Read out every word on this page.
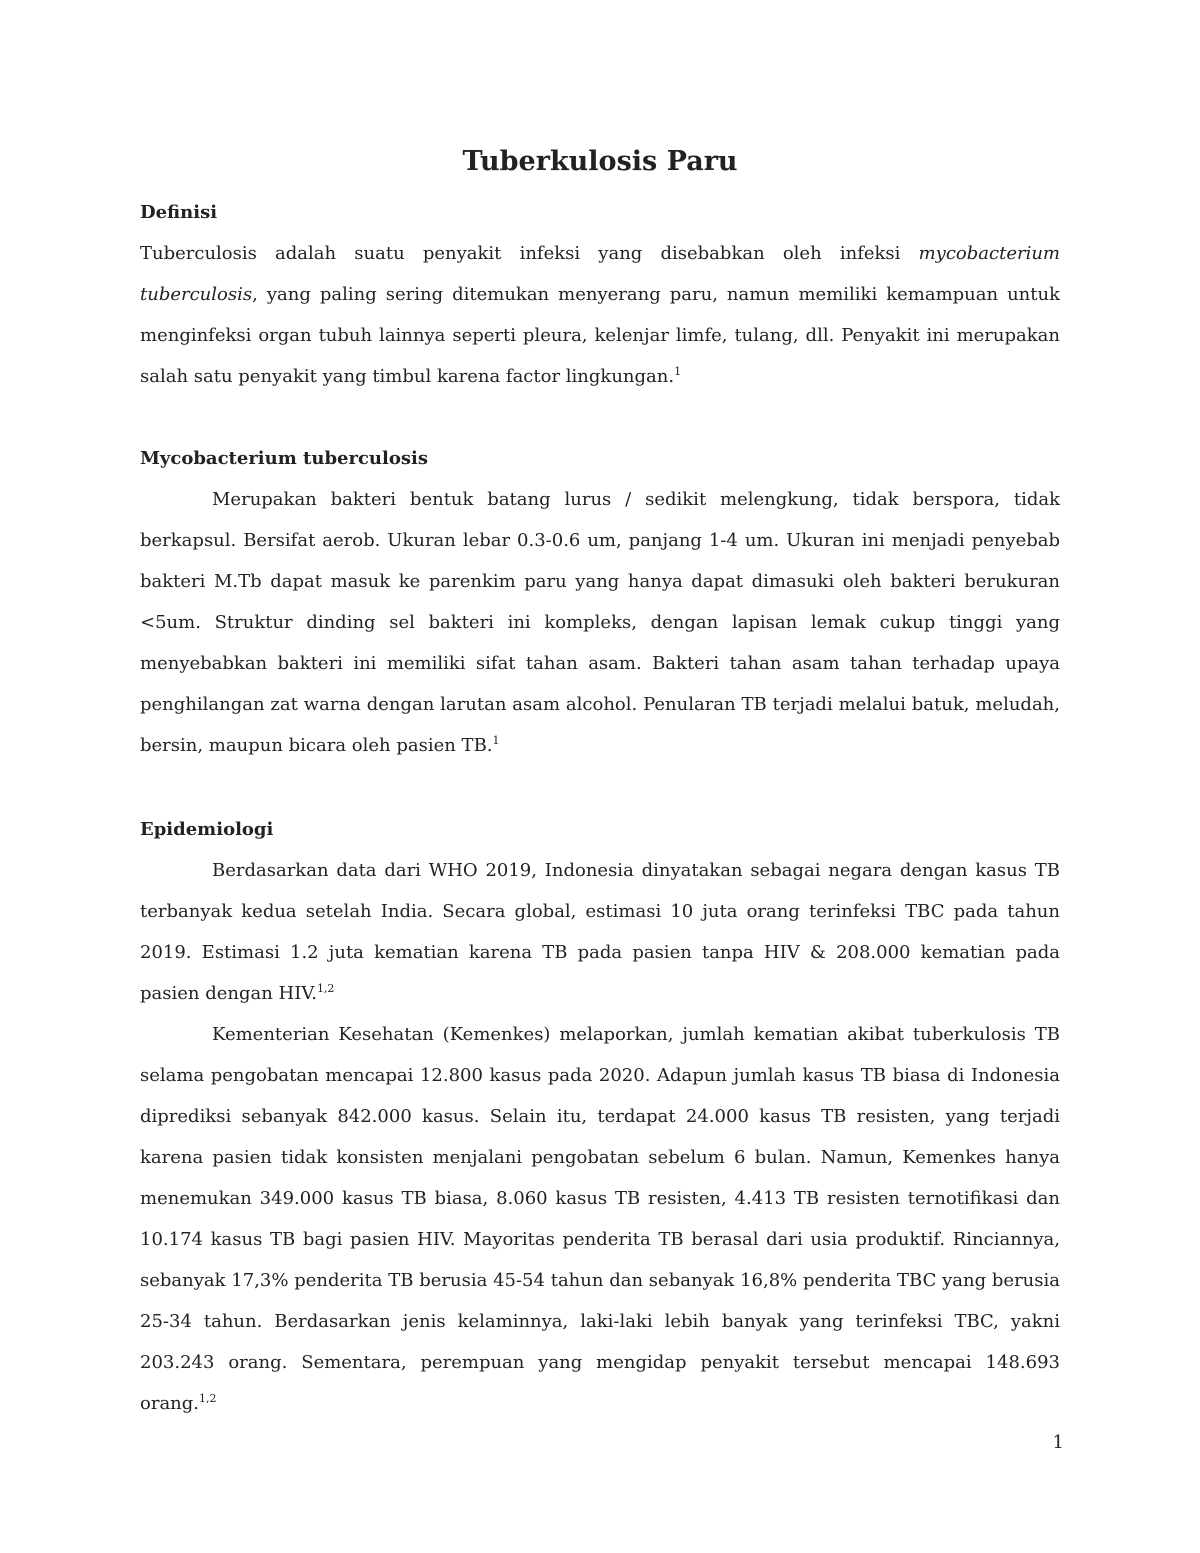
Tuberkulosis Paru
Definisi

Tuberculosis adalah suatu penyakit infeksi yang disebabkan oleh infeksi mycobacterium tuberculosis, yang paling sering ditemukan menyerang paru, namun memiliki kemampuan untuk menginfeksi organ tubuh lainnya seperti pleura, kelenjar limfe, tulang, dll. Penyakit ini merupakan salah satu penyakit yang timbul karena factor lingkungan.$^1$

Mycobacterium tuberculosis

Merupakan bakteri bentuk batang lurus / sedikit melengkung, tidak berspora, tidak berkapsul. Bersifat aerob. Ukuran lebar 0.3-0.6 um, panjang 1-4 um. Ukuran ini menjadi penyebab bakteri M.Tb dapat masuk ke parenkim paru yang hanya dapat dimasuki oleh bakteri berukuran <5um. Struktur dinding sel bakteri ini kompleks, dengan lapisan lemak cukup tinggi yang menyebabkan bakteri ini memiliki sifat tahan asam. Bakteri tahan asam tahan terhadap upaya penghilangan zat warna dengan larutan asam alcohol. Penularan TB terjadi melalui batuk, meludah, bersin, maupun bicara oleh pasien TB.$^1$

Epidemiologi

Berdasarkan data dari WHO 2019, Indonesia dinyatakan sebagai negara dengan kasus TB terbanyak kedua setelah India. Secara global, estimasi 10 juta orang terinfeksi TBC pada tahun 2019. Estimasi 1.2 juta kematian karena TB pada pasien tanpa HIV & 208.000 kematian pada pasien dengan HIV.$^{1,2}$

Kementerian Kesehatan (Kemenkes) melaporkan, jumlah kematian akibat tuberkulosis TB selama pengobatan mencapai 12.800 kasus pada 2020. Adapun jumlah kasus TB biasa di Indonesia diprediksi sebanyak 842.000 kasus. Selain itu, terdapat 24.000 kasus TB resisten, yang terjadi karena pasien tidak konsisten menjalani pengobatan sebelum 6 bulan. Namun, Kemenkes hanya menemukan 349.000 kasus TB biasa, 8.060 kasus TB resisten, 4.413 TB resisten ternotifikasi dan 10.174 kasus TB bagi pasien HIV. Mayoritas penderita TB berasal dari usia produktif. Rinciannya, sebanyak 17,3% penderita TB berusia 45-54 tahun dan sebanyak 16,8% penderita TBC yang berusia 25-34 tahun. Berdasarkan jenis kelaminnya, laki-laki lebih banyak yang terinfeksi TBC, yakni 203.243 orang. Sementara, perempuan yang mengidap penyakit tersebut mencapai 148.693 orang.$^{1,2}$

1
